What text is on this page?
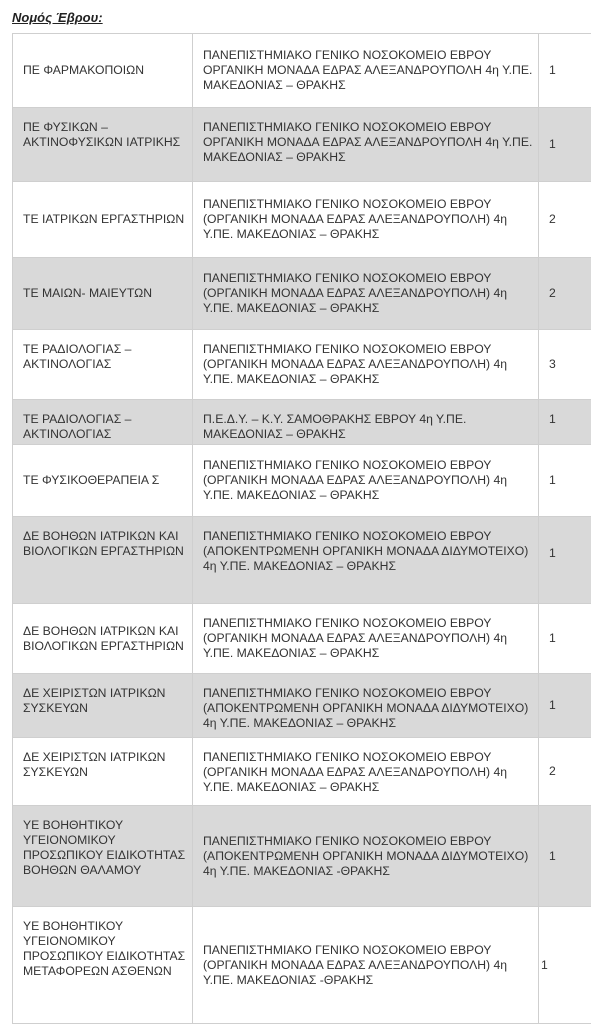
Νομός Έβρου:
ΠΕ ΦΑΡΜΑΚΟΠΟΙΩΝ	ΠΑΝΕΠΙΣΤΗΜΙΑΚΟ ΓΕΝΙΚΟ ΝΟΣΟΚΟΜΕΙΟ ΕΒΡΟΥ ΟΡΓΑΝΙΚΗ ΜΟΝΑΔΑ ΕΔΡΑΣ ΑΛΕΞΑΝΔΡΟΥΠΟΛΗ 4η Υ.ΠΕ. ΜΑΚΕΔΟΝΙΑΣ – ΘΡΑΚΗΣ	1

ΠΕ ΦΥΣΙΚΩΝ – ΑΚΤΙΝΟΦΥΣΙΚΩΝ ΙΑΤΡΙΚΗΣ	ΠΑΝΕΠΙΣΤΗΜΙΑΚΟ ΓΕΝΙΚΟ ΝΟΣΟΚΟΜΕΙΟ ΕΒΡΟΥ ΟΡΓΑΝΙΚΗ ΜΟΝΑΔΑ ΕΔΡΑΣ ΑΛΕΞΑΝΔΡΟΥΠΟΛΗ 4η Υ.ΠΕ. ΜΑΚΕΔΟΝΙΑΣ – ΘΡΑΚΗΣ	1

ΤΕ ΙΑΤΡΙΚΩΝ ΕΡΓΑΣΤΗΡΙΩΝ	ΠΑΝΕΠΙΣΤΗΜΙΑΚΟ ΓΕΝΙΚΟ ΝΟΣΟΚΟΜΕΙΟ ΕΒΡΟΥ (ΟΡΓΑΝΙΚΗ ΜΟΝΑΔΑ ΕΔΡΑΣ ΑΛΕΞΑΝΔΡΟΥΠΟΛΗ) 4η Υ.ΠΕ. ΜΑΚΕΔΟΝΙΑΣ – ΘΡΑΚΗΣ	2

ΤΕ ΜΑΙΩΝ- ΜΑΙΕΥΤΩΝ	ΠΑΝΕΠΙΣΤΗΜΙΑΚΟ ΓΕΝΙΚΟ ΝΟΣΟΚΟΜΕΙΟ ΕΒΡΟΥ (ΟΡΓΑΝΙΚΗ ΜΟΝΑΔΑ ΕΔΡΑΣ ΑΛΕΞΑΝΔΡΟΥΠΟΛΗ) 4η Υ.ΠΕ. ΜΑΚΕΔΟΝΙΑΣ – ΘΡΑΚΗΣ	2

ΤΕ ΡΑΔΙΟΛΟΓΙΑΣ – ΑΚΤΙΝΟΛΟΓΙΑΣ	ΠΑΝΕΠΙΣΤΗΜΙΑΚΟ ΓΕΝΙΚΟ ΝΟΣΟΚΟΜΕΙΟ ΕΒΡΟΥ (ΟΡΓΑΝΙΚΗ ΜΟΝΑΔΑ ΕΔΡΑΣ ΑΛΕΞΑΝΔΡΟΥΠΟΛΗ) 4η Υ.ΠΕ. ΜΑΚΕΔΟΝΙΑΣ – ΘΡΑΚΗΣ	3

ΤΕ ΡΑΔΙΟΛΟΓΙΑΣ – ΑΚΤΙΝΟΛΟΓΙΑΣ	Π.Ε.Δ.Υ. – Κ.Υ. ΣΑΜΟΘΡΑΚΗΣ ΕΒΡΟΥ 4η Υ.ΠΕ. ΜΑΚΕΔΟΝΙΑΣ – ΘΡΑΚΗΣ	1

ΤΕ ΦΥΣΙΚΟΘΕΡΑΠΕΙΑ Σ	ΠΑΝΕΠΙΣΤΗΜΙΑΚΟ ΓΕΝΙΚΟ ΝΟΣΟΚΟΜΕΙΟ ΕΒΡΟΥ (ΟΡΓΑΝΙΚΗ ΜΟΝΑΔΑ ΕΔΡΑΣ ΑΛΕΞΑΝΔΡΟΥΠΟΛΗ) 4η Υ.ΠΕ. ΜΑΚΕΔΟΝΙΑΣ – ΘΡΑΚΗΣ	1

ΔΕ ΒΟΗΘΩΝ ΙΑΤΡΙΚΩΝ ΚΑΙ ΒΙΟΛΟΓΙΚΩΝ ΕΡΓΑΣΤΗΡΙΩΝ	ΠΑΝΕΠΙΣΤΗΜΙΑΚΟ ΓΕΝΙΚΟ ΝΟΣΟΚΟΜΕΙΟ ΕΒΡΟΥ (ΑΠΟΚΕΝΤΡΩΜΕΝΗ ΟΡΓΑΝΙΚΗ ΜΟΝΑΔΑ ΔΙΔΥΜΟΤΕΙΧΟ) 4η Υ.ΠΕ. ΜΑΚΕΔΟΝΙΑΣ – ΘΡΑΚΗΣ	1

ΔΕ ΒΟΗΘΩΝ ΙΑΤΡΙΚΩΝ ΚΑΙ ΒΙΟΛΟΓΙΚΩΝ ΕΡΓΑΣΤΗΡΙΩΝ	ΠΑΝΕΠΙΣΤΗΜΙΑΚΟ ΓΕΝΙΚΟ ΝΟΣΟΚΟΜΕΙΟ ΕΒΡΟΥ (ΟΡΓΑΝΙΚΗ ΜΟΝΑΔΑ ΕΔΡΑΣ ΑΛΕΞΑΝΔΡΟΥΠΟΛΗ) 4η Υ.ΠΕ. ΜΑΚΕΔΟΝΙΑΣ – ΘΡΑΚΗΣ	1

ΔΕ ΧΕΙΡΙΣΤΩΝ ΙΑΤΡΙΚΩΝ ΣΥΣΚΕΥΩΝ	ΠΑΝΕΠΙΣΤΗΜΙΑΚΟ ΓΕΝΙΚΟ ΝΟΣΟΚΟΜΕΙΟ ΕΒΡΟΥ (ΑΠΟΚΕΝΤΡΩΜΕΝΗ ΟΡΓΑΝΙΚΗ ΜΟΝΑΔΑ ΔΙΔΥΜΟΤΕΙΧΟ) 4η Υ.ΠΕ. ΜΑΚΕΔΟΝΙΑΣ – ΘΡΑΚΗΣ	1

ΔΕ ΧΕΙΡΙΣΤΩΝ ΙΑΤΡΙΚΩΝ ΣΥΣΚΕΥΩΝ	ΠΑΝΕΠΙΣΤΗΜΙΑΚΟ ΓΕΝΙΚΟ ΝΟΣΟΚΟΜΕΙΟ ΕΒΡΟΥ (ΟΡΓΑΝΙΚΗ ΜΟΝΑΔΑ ΕΔΡΑΣ ΑΛΕΞΑΝΔΡΟΥΠΟΛΗ) 4η Υ.ΠΕ. ΜΑΚΕΔΟΝΙΑΣ – ΘΡΑΚΗΣ	2

ΥΕ ΒΟΗΘΗΤΙΚΟΥ ΥΓΕΙΟΝΟΜΙΚΟΥ ΠΡΟΣΩΠΙΚΟΥ ΕΙΔΙΚΟΤΗΤΑΣ ΒΟΗΘΩΝ ΘΑΛΑΜΟΥ	ΠΑΝΕΠΙΣΤΗΜΙΑΚΟ ΓΕΝΙΚΟ ΝΟΣΟΚΟΜΕΙΟ ΕΒΡΟΥ (ΑΠΟΚΕΝΤΡΩΜΕΝΗ ΟΡΓΑΝΙΚΗ ΜΟΝΑΔΑ ΔΙΔΥΜΟΤΕΙΧΟ) 4η Υ.ΠΕ. ΜΑΚΕΔΟΝΙΑΣ -ΘΡΑΚΗΣ	1

ΥΕ ΒΟΗΘΗΤΙΚΟΥ ΥΓΕΙΟΝΟΜΙΚΟΥ ΠΡΟΣΩΠΙΚΟΥ ΕΙΔΙΚΟΤΗΤΑΣ ΜΕΤΑΦΟΡΕΩΝ ΑΣΘΕΝΩΝ	ΠΑΝΕΠΙΣΤΗΜΙΑΚΟ ΓΕΝΙΚΟ ΝΟΣΟΚΟΜΕΙΟ ΕΒΡΟΥ (ΟΡΓΑΝΙΚΗ ΜΟΝΑΔΑ ΕΔΡΑΣ ΑΛΕΞΑΝΔΡΟΥΠΟΛΗ) 4η Υ.ΠΕ. ΜΑΚΕΔΟΝΙΑΣ -ΘΡΑΚΗΣ	1
